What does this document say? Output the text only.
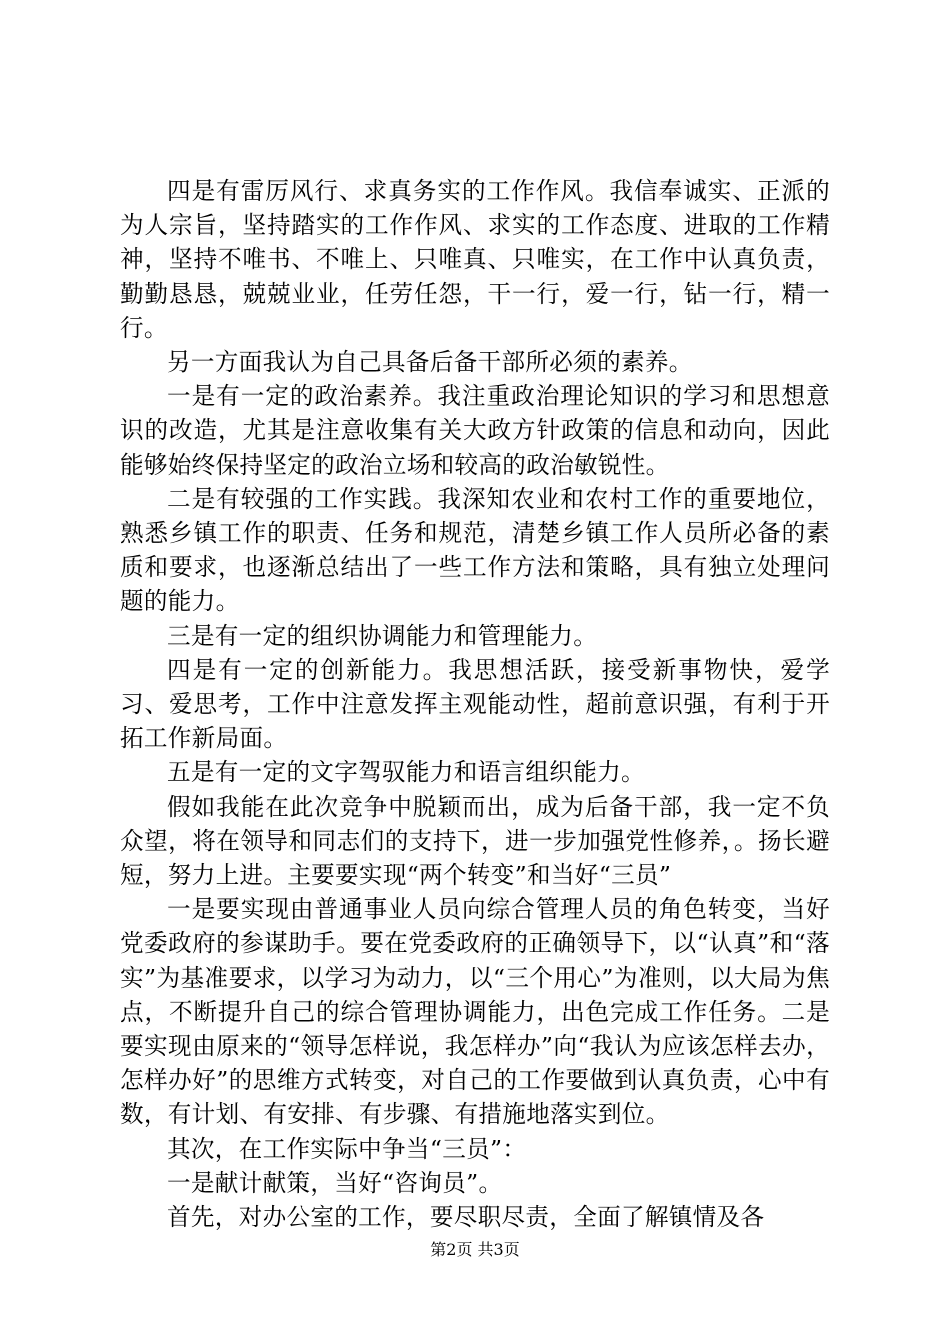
四是有雷厉风行、求真务实的工作作风。我信奉诚实、正派的为人宗旨，坚持踏实的工作作风、求实的工作态度、进取的工作精神，坚持不唯书、不唯上、只唯真、只唯实，在工作中认真负责，勤勤恳恳，兢兢业业，任劳任怨，干一行，爱一行，钻一行，精一行。

另一方面我认为自己具备后备干部所必须的素养。

一是有一定的政治素养。我注重政治理论知识的学习和思想意识的改造，尤其是注意收集有关大政方针政策的信息和动向，因此能够始终保持坚定的政治立场和较高的政治敏锐性。

二是有较强的工作实践。我深知农业和农村工作的重要地位，熟悉乡镇工作的职责、任务和规范，清楚乡镇工作人员所必备的素质和要求，也逐渐总结出了一些工作方法和策略，具有独立处理问题的能力。

三是有一定的组织协调能力和管理能力。

四是有一定的创新能力。我思想活跃，接受新事物快，爱学习、爱思考，工作中注意发挥主观能动性，超前意识强，有利于开拓工作新局面。

五是有一定的文字驾驭能力和语言组织能力。

假如我能在此次竞争中脱颖而出，成为后备干部，我一定不负众望，将在领导和同志们的支持下，进一步加强党性修养，。扬长避短，努力上进。主要要实现“两个转变”和当好“三员”

一是要实现由普通事业人员向综合管理人员的角色转变，当好党委政府的参谋助手。要在党委政府的正确领导下，以“认真”和“落实”为基准要求，以学习为动力，以“三个用心”为准则，以大局为焦点，不断提升自己的综合管理协调能力，出色完成工作任务。二是要实现由原来的“领导怎样说，我怎样办”向“我认为应该怎样去办，怎样办好”的思维方式转变，对自己的工作要做到认真负责，心中有数，有计划、有安排、有步骤、有措施地落实到位。

其次，在工作实际中争当“三员”：

一是献计献策，当好“咨询员”。

首先，对办公室的工作，要尽职尽责，全面了解镇情及各

第2页 共3页
